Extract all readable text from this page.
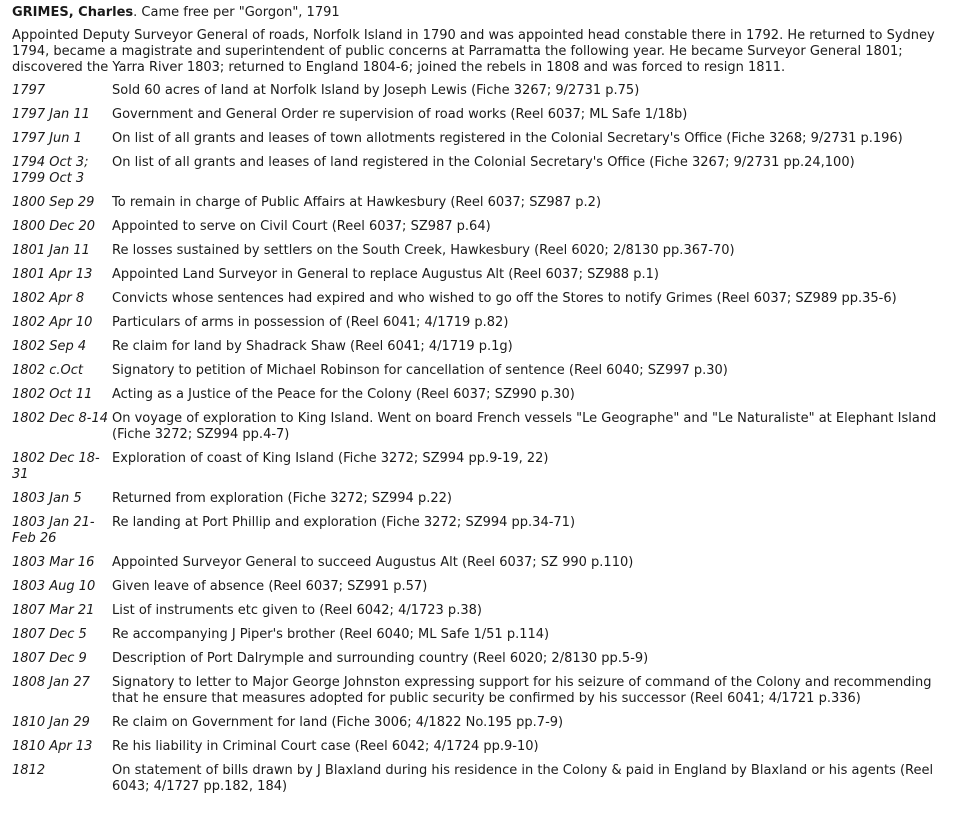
GRIMES, Charles. Came free per "Gorgon", 1791
Appointed Deputy Surveyor General of roads, Norfolk Island in 1790 and was appointed head constable there in 1792. He returned to Sydney 1794, became a magistrate and superintendent of public concerns at Parramatta the following year. He became Surveyor General 1801; discovered the Yarra River 1803; returned to England 1804-6; joined the rebels in 1808 and was forced to resign 1811.
1797	Sold 60 acres of land at Norfolk Island by Joseph Lewis (Fiche 3267; 9/2731 p.75)
1797 Jan 11	Government and General Order re supervision of road works (Reel 6037; ML Safe 1/18b)
1797 Jun 1	On list of all grants and leases of town allotments registered in the Colonial Secretary's Office (Fiche 3268; 9/2731 p.196)
1794 Oct 3; 1799 Oct 3	On list of all grants and leases of land registered in the Colonial Secretary's Office (Fiche 3267; 9/2731 pp.24,100)
1800 Sep 29	To remain in charge of Public Affairs at Hawkesbury (Reel 6037; SZ987 p.2)
1800 Dec 20	Appointed to serve on Civil Court (Reel 6037; SZ987 p.64)
1801 Jan 11	Re losses sustained by settlers on the South Creek, Hawkesbury (Reel 6020; 2/8130 pp.367-70)
1801 Apr 13	Appointed Land Surveyor in General to replace Augustus Alt (Reel 6037; SZ988 p.1)
1802 Apr 8	Convicts whose sentences had expired and who wished to go off the Stores to notify Grimes (Reel 6037; SZ989 pp.35-6)
1802 Apr 10	Particulars of arms in possession of (Reel 6041; 4/1719 p.82)
1802 Sep 4	Re claim for land by Shadrack Shaw (Reel 6041; 4/1719 p.1g)
1802 c.Oct	Signatory to petition of Michael Robinson for cancellation of sentence (Reel 6040; SZ997 p.30)
1802 Oct 11	Acting as a Justice of the Peace for the Colony (Reel 6037; SZ990 p.30)
1802 Dec 8-14	On voyage of exploration to King Island. Went on board French vessels "Le Geographe" and "Le Naturaliste" at Elephant Island (Fiche 3272; SZ994 pp.4-7)
1802 Dec 18-31	Exploration of coast of King Island (Fiche 3272; SZ994 pp.9-19, 22)
1803 Jan 5	Returned from exploration (Fiche 3272; SZ994 p.22)
1803 Jan 21-Feb 26	Re landing at Port Phillip and exploration (Fiche 3272; SZ994 pp.34-71)
1803 Mar 16	Appointed Surveyor General to succeed Augustus Alt (Reel 6037; SZ 990 p.110)
1803 Aug 10	Given leave of absence (Reel 6037; SZ991 p.57)
1807 Mar 21	List of instruments etc given to (Reel 6042; 4/1723 p.38)
1807 Dec 5	Re accompanying J Piper's brother (Reel 6040; ML Safe 1/51 p.114)
1807 Dec 9	Description of Port Dalrymple and surrounding country (Reel 6020; 2/8130 pp.5-9)
1808 Jan 27	Signatory to letter to Major George Johnston expressing support for his seizure of command of the Colony and recommending that he ensure that measures adopted for public security be confirmed by his successor (Reel 6041; 4/1721 p.336)
1810 Jan 29	Re claim on Government for land (Fiche 3006; 4/1822 No.195 pp.7-9)
1810 Apr 13	Re his liability in Criminal Court case (Reel 6042; 4/1724 pp.9-10)
1812	On statement of bills drawn by J Blaxland during his residence in the Colony & paid in England by Blaxland or his agents (Reel 6043; 4/1727 pp.182, 184)
